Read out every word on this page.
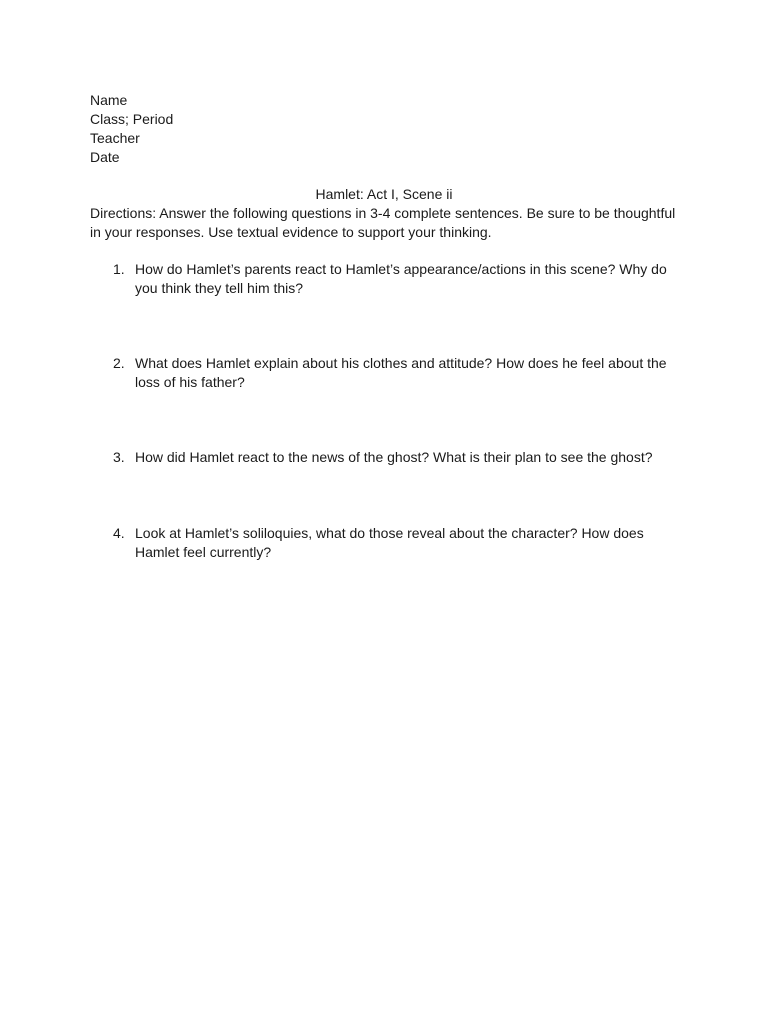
Name
Class; Period
Teacher
Date
Hamlet: Act I, Scene ii
Directions: Answer the following questions in 3-4 complete sentences. Be sure to be thoughtful in your responses. Use textual evidence to support your thinking.
1. How do Hamlet’s parents react to Hamlet’s appearance/actions in this scene? Why do you think they tell him this?
2. What does Hamlet explain about his clothes and attitude? How does he feel about the loss of his father?
3. How did Hamlet react to the news of the ghost? What is their plan to see the ghost?
4. Look at Hamlet’s soliloquies, what do those reveal about the character? How does Hamlet feel currently?
